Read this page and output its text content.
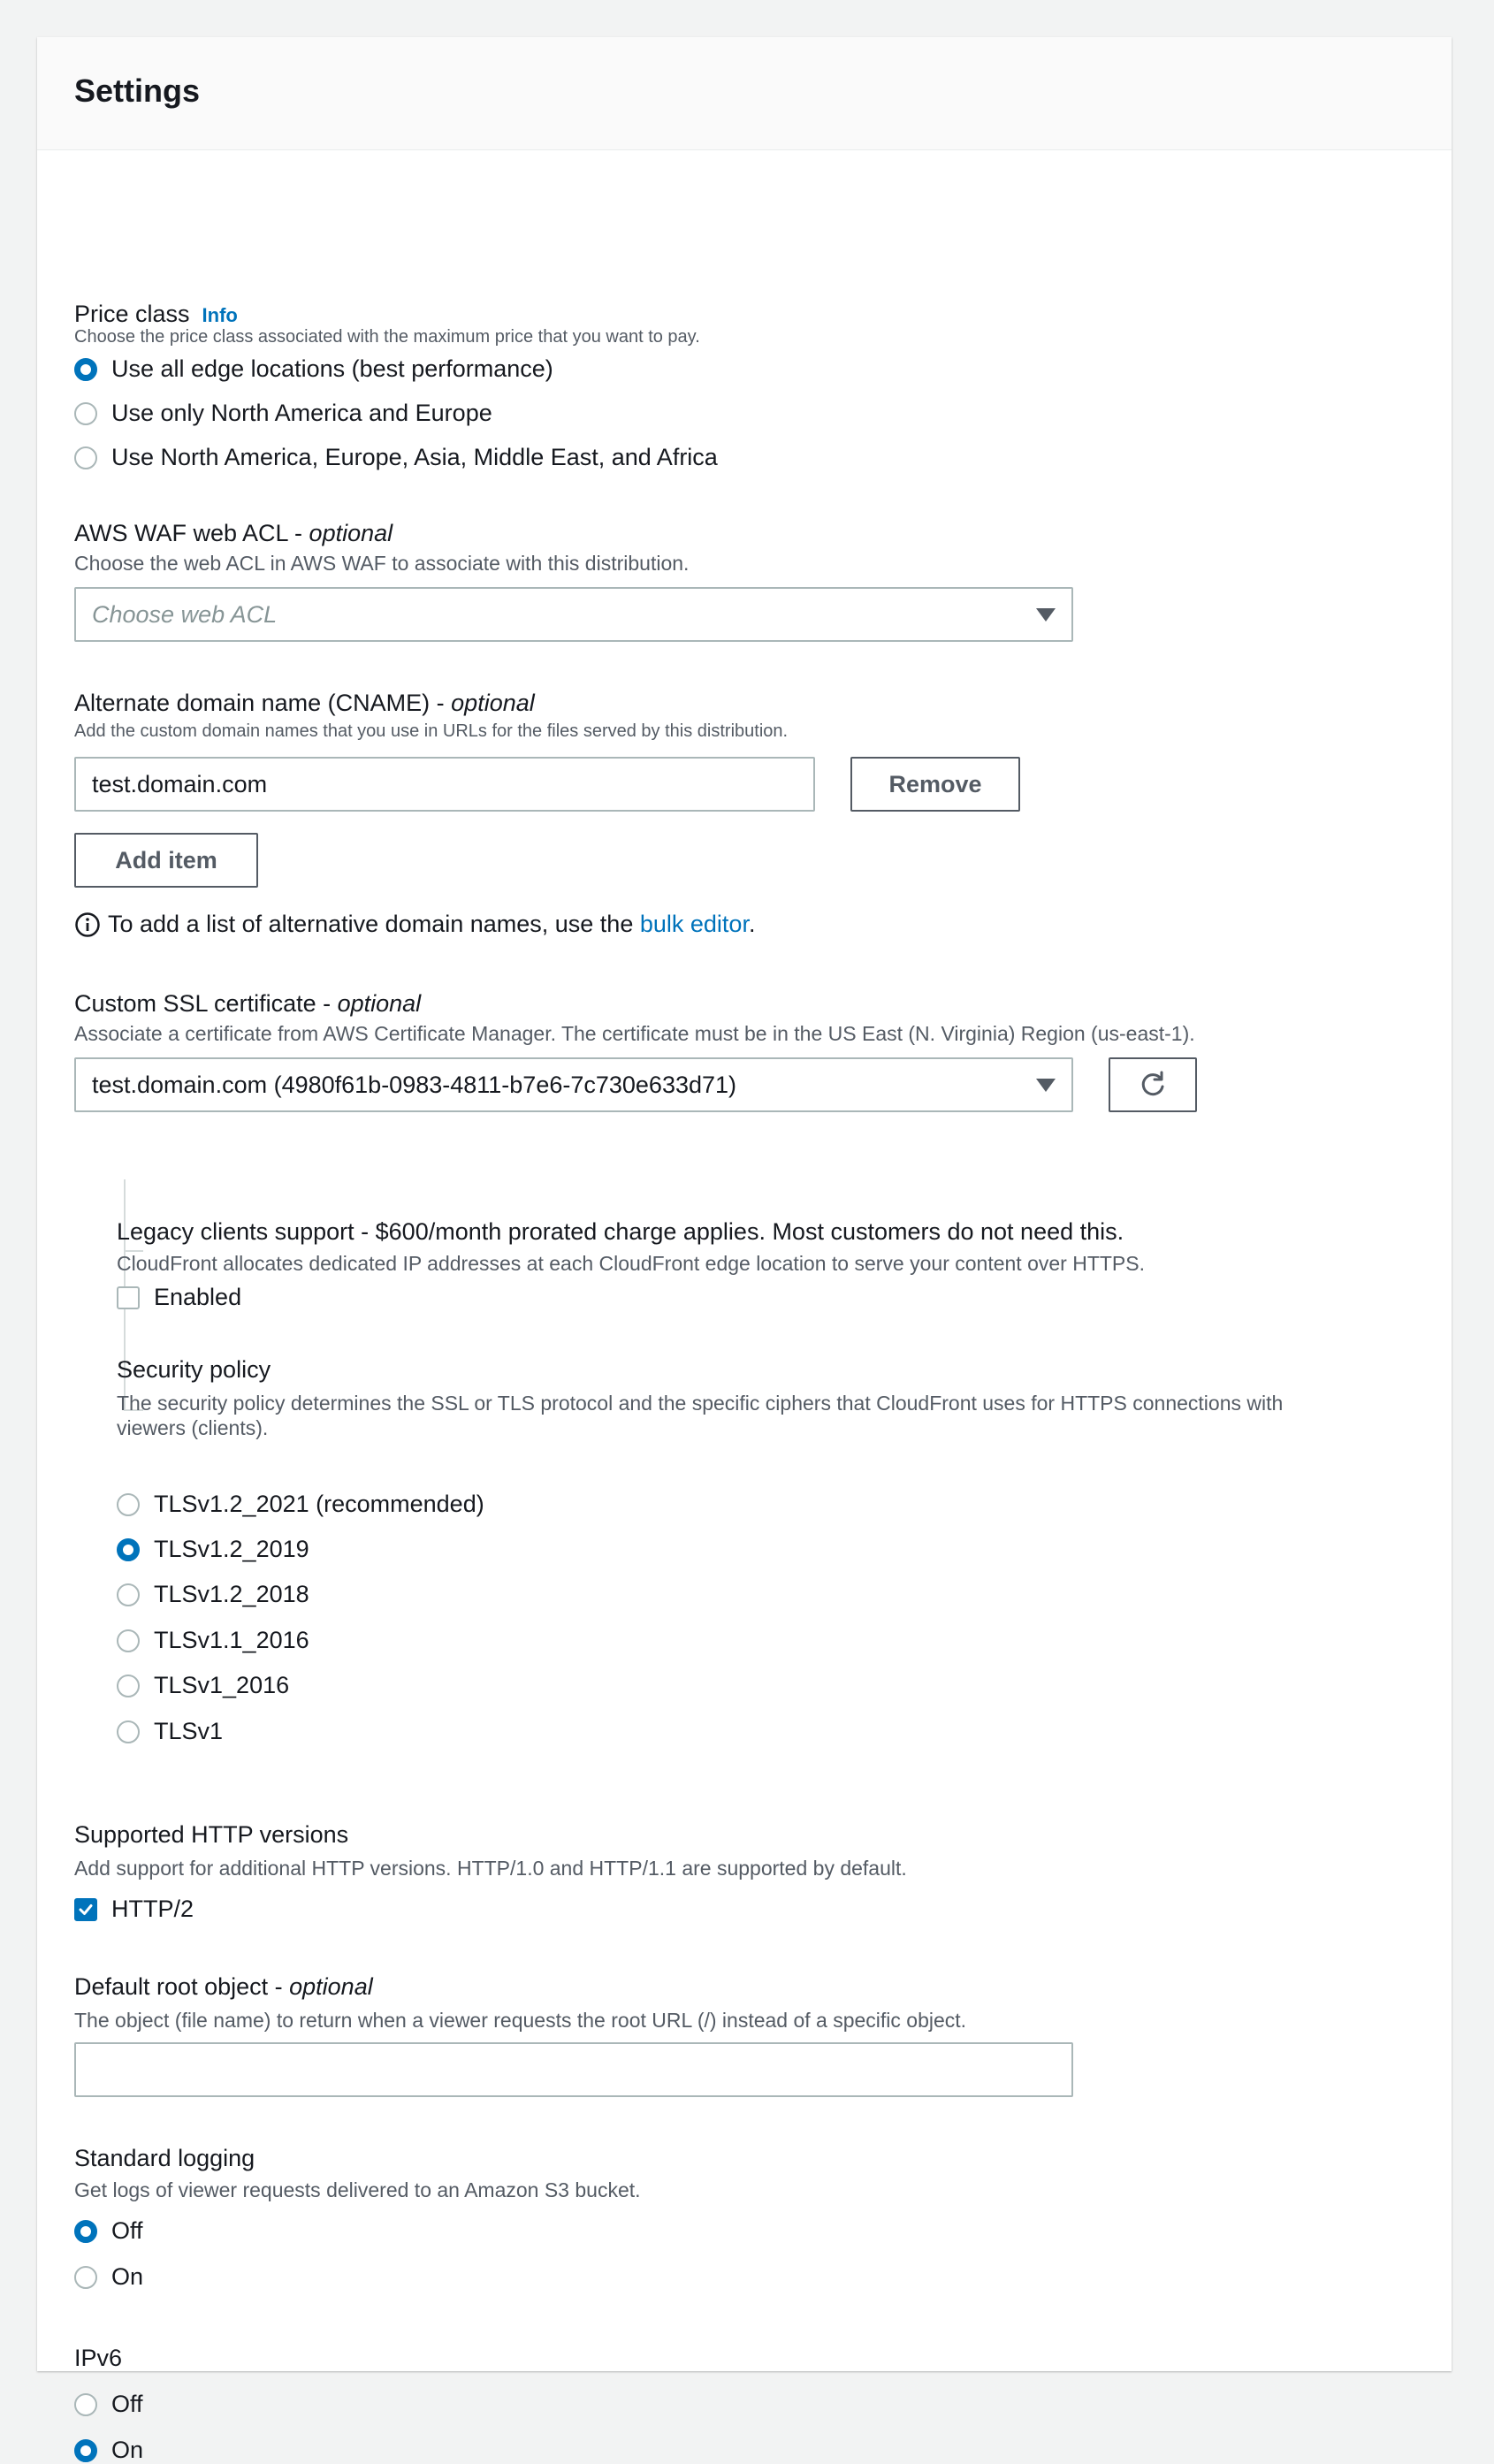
Settings
Price class Info
Choose the price class associated with the maximum price that you want to pay.
Use all edge locations (best performance)
Use only North America and Europe
Use North America, Europe, Asia, Middle East, and Africa
AWS WAF web ACL - optional
Choose the web ACL in AWS WAF to associate with this distribution.
Choose web ACL
Alternate domain name (CNAME) - optional
Add the custom domain names that you use in URLs for the files served by this distribution.
test.domain.com
Remove
Add item
To add a list of alternative domain names, use the bulk editor.
Custom SSL certificate - optional
Associate a certificate from AWS Certificate Manager. The certificate must be in the US East (N. Virginia) Region (us-east-1).
test.domain.com (4980f61b-0983-4811-b7e6-7c730e633d71)
Legacy clients support - $600/month prorated charge applies. Most customers do not need this.
CloudFront allocates dedicated IP addresses at each CloudFront edge location to serve your content over HTTPS.
Enabled
Security policy
The security policy determines the SSL or TLS protocol and the specific ciphers that CloudFront uses for HTTPS connections with
viewers (clients).
TLSv1.2_2021 (recommended)
TLSv1.2_2019
TLSv1.2_2018
TLSv1.1_2016
TLSv1_2016
TLSv1
Supported HTTP versions
Add support for additional HTTP versions. HTTP/1.0 and HTTP/1.1 are supported by default.
HTTP/2
Default root object - optional
The object (file name) to return when a viewer requests the root URL (/) instead of a specific object.
Standard logging
Get logs of viewer requests delivered to an Amazon S3 bucket.
Off
On
IPv6
Off
On
